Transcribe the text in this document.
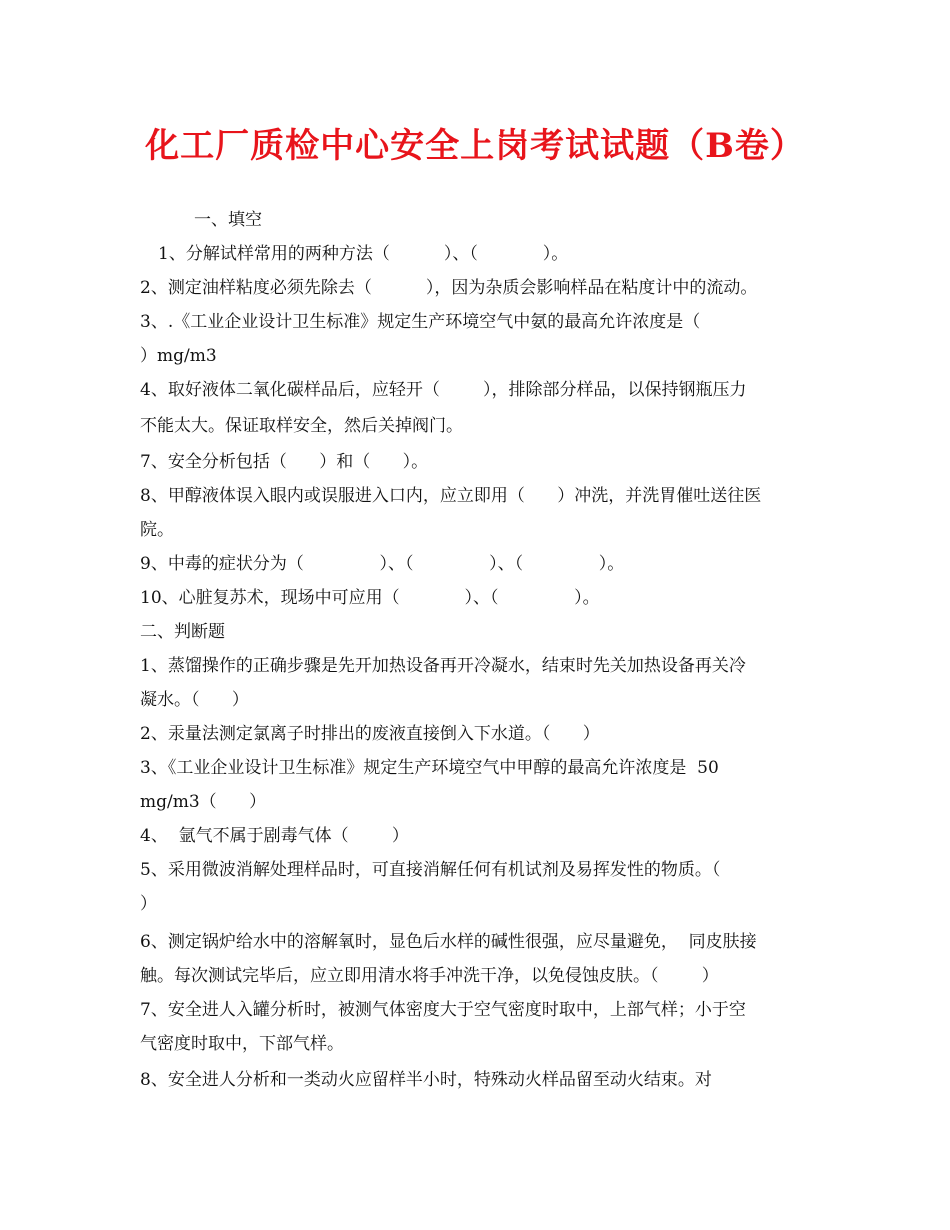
化工厂质检中心安全上岗考试试题（B卷）
一、填空
1、分解试样常用的两种方法（          ）、（            ）。
2、测定油样粘度必须先除去（          ），因为杂质会影响样品在粘度计中的流动。
3、.《工业企业设计卫生标准》规定生产环境空气中氨的最高允许浓度是（
）mg/m3
4、取好液体二氧化碳样品后，应轻开（        ），排除部分样品，以保持钢瓶压力
不能太大。保证取样安全，然后关掉阀门。
7、安全分析包括（      ）和（      ）。
8、甲醇液体误入眼内或误服进入口内，应立即用（      ）冲洗，并洗胃催吐送往医
院。
9、中毒的症状分为（              ）、（              ）、（              ）。
10、心脏复苏术，现场中可应用（            ）、（              ）。
二、判断题
1、蒸馏操作的正确步骤是先开加热设备再开冷凝水，结束时先关加热设备再关冷
凝水。（      ）
2、汞量法测定氯离子时排出的废液直接倒入下水道。（      ）
3、《工业企业设计卫生标准》规定生产环境空气中甲醇的最高允许浓度是  50
mg/m3（      ）
4、  氩气不属于剧毒气体（        ）
5、采用微波消解处理样品时，可直接消解任何有机试剂及易挥发性的物质。（
）
6、测定锅炉给水中的溶解氧时，显色后水样的碱性很强，应尽量避免，  同皮肤接
触。每次测试完毕后，应立即用清水将手冲洗干净，以免侵蚀皮肤。（        ）
7、安全进人入罐分析时，被测气体密度大于空气密度时取中，上部气样；小于空
气密度时取中，下部气样。
8、安全进人分析和一类动火应留样半小时，特殊动火样品留至动火结束。对
